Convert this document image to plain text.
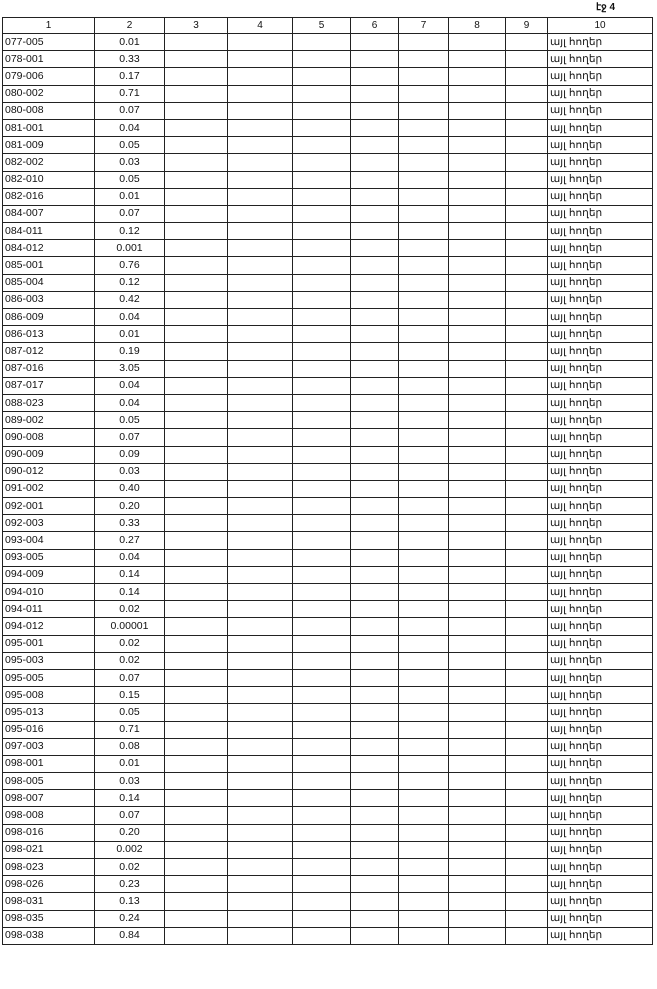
էջ 4
1	2	3	4	5	6	7	8	9	10
077-005	0.01								այլ հողեր
078-001	0.33								այլ հողեր
079-006	0.17								այլ հողեր
080-002	0.71								այլ հողեր
080-008	0.07								այլ հողեր
081-001	0.04								այլ հողեր
081-009	0.05								այլ հողեր
082-002	0.03								այլ հողեր
082-010	0.05								այլ հողեր
082-016	0.01								այլ հողեր
084-007	0.07								այլ հողեր
084-011	0.12								այլ հողեր
084-012	0.001								այլ հողեր
085-001	0.76								այլ հողեր
085-004	0.12								այլ հողեր
086-003	0.42								այլ հողեր
086-009	0.04								այլ հողեր
086-013	0.01								այլ հողեր
087-012	0.19								այլ հողեր
087-016	3.05								այլ հողեր
087-017	0.04								այլ հողեր
088-023	0.04								այլ հողեր
089-002	0.05								այլ հողեր
090-008	0.07								այլ հողեր
090-009	0.09								այլ հողեր
090-012	0.03								այլ հողեր
091-002	0.40								այլ հողեր
092-001	0.20								այլ հողեր
092-003	0.33								այլ հողեր
093-004	0.27								այլ հողեր
093-005	0.04								այլ հողեր
094-009	0.14								այլ հողեր
094-010	0.14								այլ հողեր
094-011	0.02								այլ հողեր
094-012	0.00001								այլ հողեր
095-001	0.02								այլ հողեր
095-003	0.02								այլ հողեր
095-005	0.07								այլ հողեր
095-008	0.15								այլ հողեր
095-013	0.05								այլ հողեր
095-016	0.71								այլ հողեր
097-003	0.08								այլ հողեր
098-001	0.01								այլ հողեր
098-005	0.03								այլ հողեր
098-007	0.14								այլ հողեր
098-008	0.07								այլ հողեր
098-016	0.20								այլ հողեր
098-021	0.002								այլ հողեր
098-023	0.02								այլ հողեր
098-026	0.23								այլ հողեր
098-031	0.13								այլ հողեր
098-035	0.24								այլ հողեր
098-038	0.84								այլ հողեր
